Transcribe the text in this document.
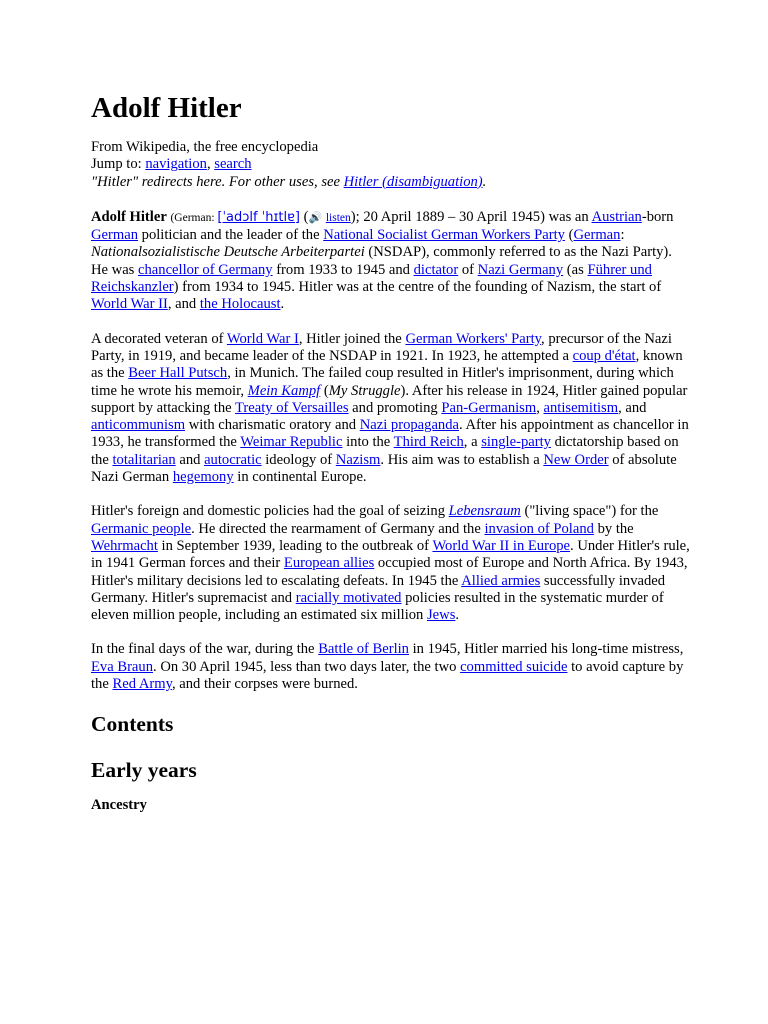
Adolf Hitler
From Wikipedia, the free encyclopedia
Jump to: navigation, search
"Hitler" redirects here. For other uses, see Hitler (disambiguation).

Adolf Hitler (German: [ˈadɔlf ˈhɪtlɐ] (🔊 listen); 20 April 1889 – 30 April 1945) was an Austrian-born German politician and the leader of the National Socialist German Workers Party (German: Nationalsozialistische Deutsche Arbeiterpartei (NSDAP), commonly referred to as the Nazi Party). He was chancellor of Germany from 1933 to 1945 and dictator of Nazi Germany (as Führer und Reichskanzler) from 1934 to 1945. Hitler was at the centre of the founding of Nazism, the start of World War II, and the Holocaust.

A decorated veteran of World War I, Hitler joined the German Workers' Party, precursor of the Nazi Party, in 1919, and became leader of the NSDAP in 1921. In 1923, he attempted a coup d'état, known as the Beer Hall Putsch, in Munich. The failed coup resulted in Hitler's imprisonment, during which time he wrote his memoir, Mein Kampf (My Struggle). After his release in 1924, Hitler gained popular support by attacking the Treaty of Versailles and promoting Pan-Germanism, antisemitism, and anticommunism with charismatic oratory and Nazi propaganda. After his appointment as chancellor in 1933, he transformed the Weimar Republic into the Third Reich, a single-party dictatorship based on the totalitarian and autocratic ideology of Nazism. His aim was to establish a New Order of absolute Nazi German hegemony in continental Europe.

Hitler's foreign and domestic policies had the goal of seizing Lebensraum ("living space") for the Germanic people. He directed the rearmament of Germany and the invasion of Poland by the Wehrmacht in September 1939, leading to the outbreak of World War II in Europe. Under Hitler's rule, in 1941 German forces and their European allies occupied most of Europe and North Africa. By 1943, Hitler's military decisions led to escalating defeats. In 1945 the Allied armies successfully invaded Germany. Hitler's supremacist and racially motivated policies resulted in the systematic murder of eleven million people, including an estimated six million Jews.

In the final days of the war, during the Battle of Berlin in 1945, Hitler married his long-time mistress, Eva Braun. On 30 April 1945, less than two days later, the two committed suicide to avoid capture by the Red Army, and their corpses were burned.

Contents
Early years
Ancestry
